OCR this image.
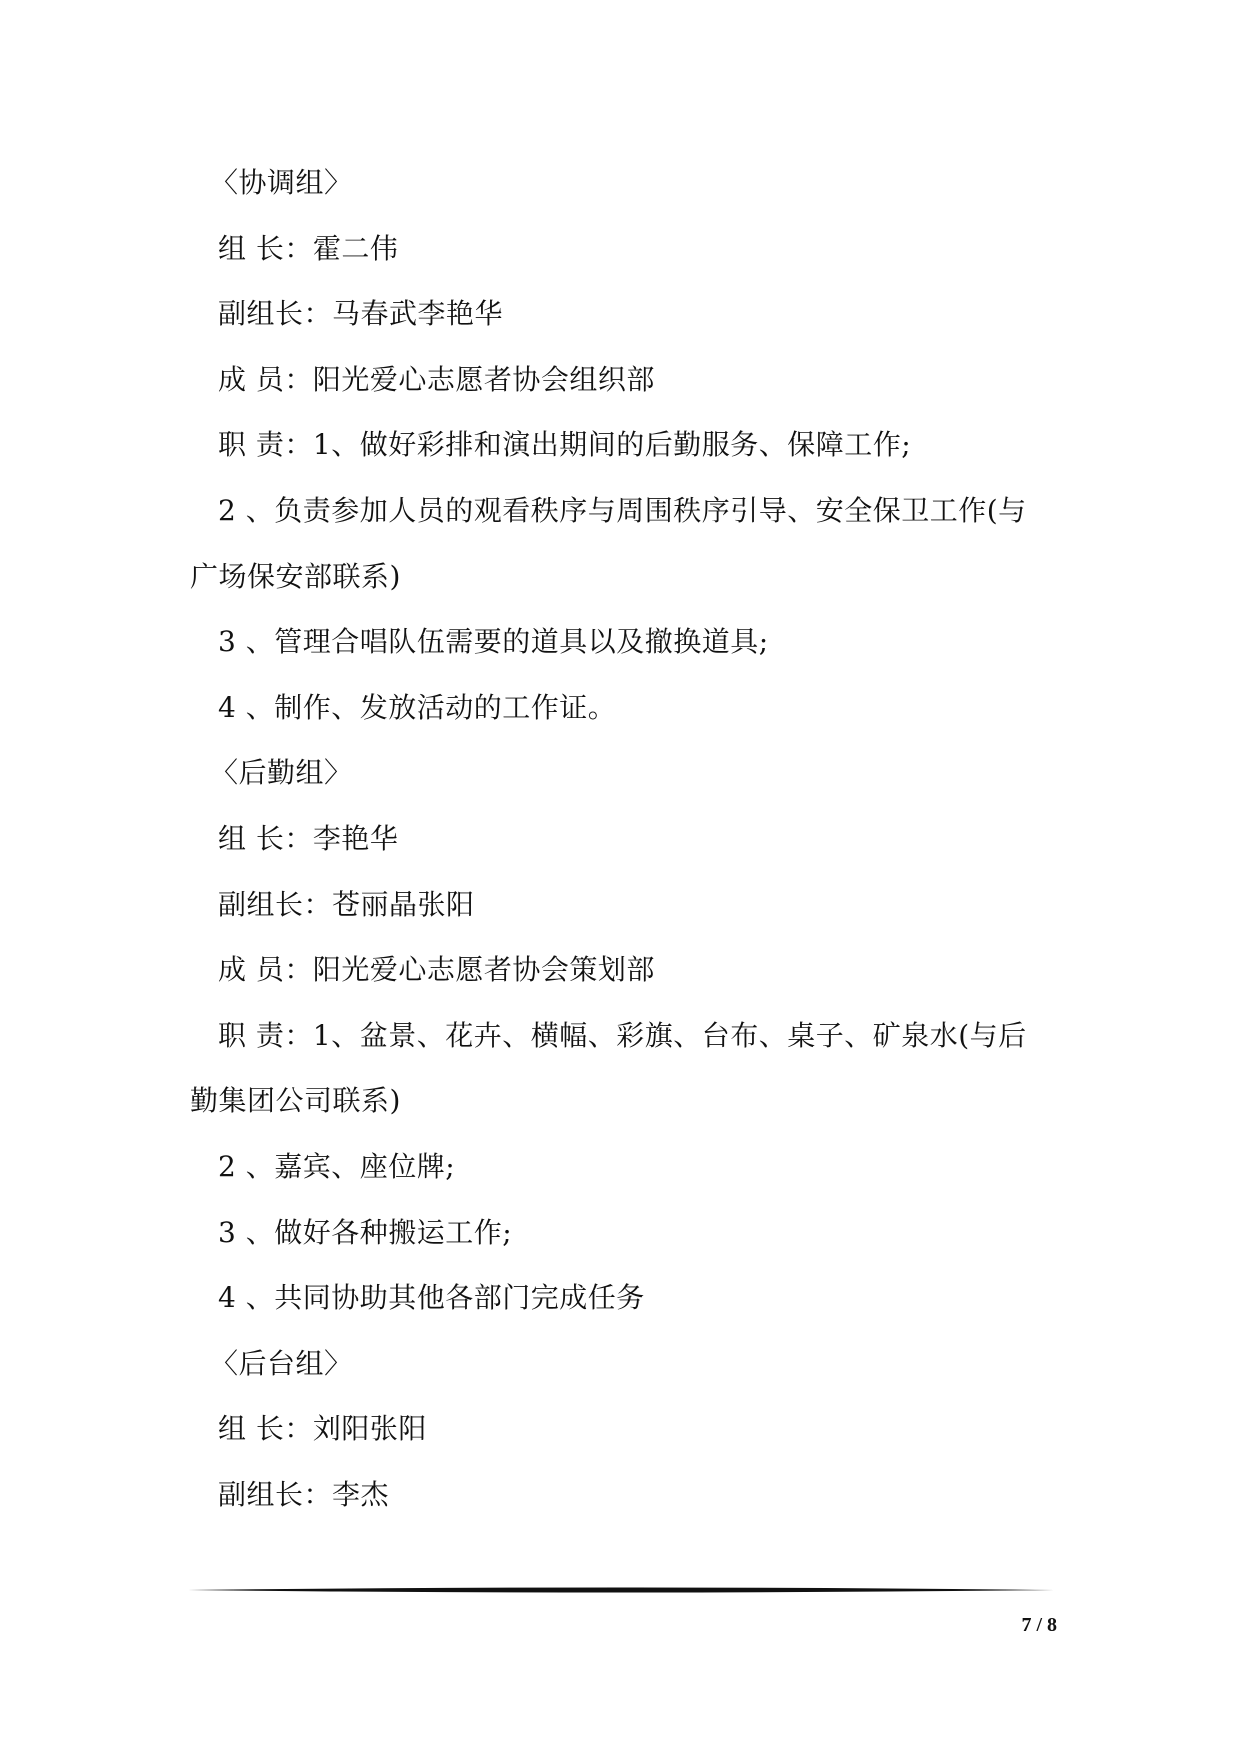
〈协调组〉
组 长：霍二伟
副组长：马春武李艳华
成 员：阳光爱心志愿者协会组织部
职 责：1、做好彩排和演出期间的后勤服务、保障工作;
2 、负责参加人员的观看秩序与周围秩序引导、安全保卫工作(与
广场保安部联系)
3 、管理合唱队伍需要的道具以及撤换道具;
4 、制作、发放活动的工作证。
〈后勤组〉
组 长：李艳华
副组长：苍丽晶张阳
成 员：阳光爱心志愿者协会策划部
职 责：1、盆景、花卉、横幅、彩旗、台布、桌子、矿泉水(与后
勤集团公司联系)
2 、嘉宾、座位牌;
3 、做好各种搬运工作;
4 、共同协助其他各部门完成任务
〈后台组〉
组 长：刘阳张阳
副组长：李杰
7 / 8
